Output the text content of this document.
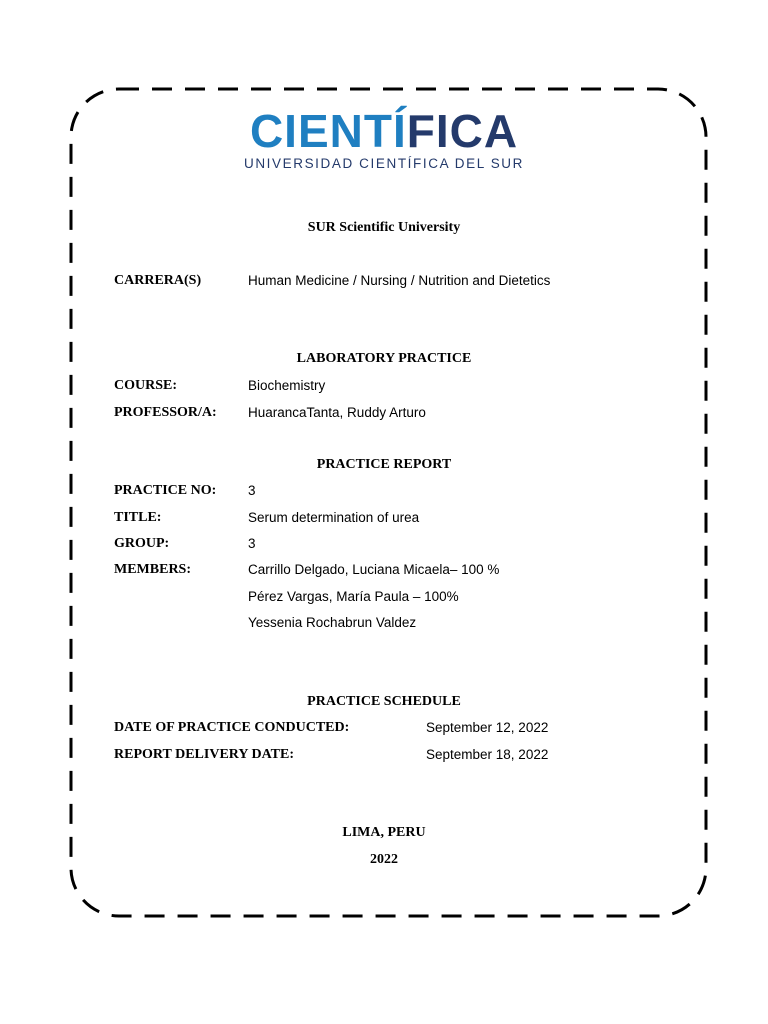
CIENTÍFICA
UNIVERSIDAD CIENTÍFICA DEL SUR
SUR Scientific University
CARRERA(S)	Human Medicine / Nursing / Nutrition and Dietetics
LABORATORY PRACTICE
COURSE:	Biochemistry
PROFESSOR/A: HuarancaTanta, Ruddy Arturo
PRACTICE REPORT
PRACTICE NO: 3
TITLE:	Serum determination of urea
GROUP:	3
MEMBERS:	Carrillo Delgado, Luciana Micaela– 100 %
Pérez Vargas, María Paula – 100%
Yessenia Rochabrun Valdez
PRACTICE SCHEDULE
DATE OF PRACTICE CONDUCTED:	September 12, 2022
REPORT DELIVERY DATE:	September 18, 2022
LIMA, PERU
2022
